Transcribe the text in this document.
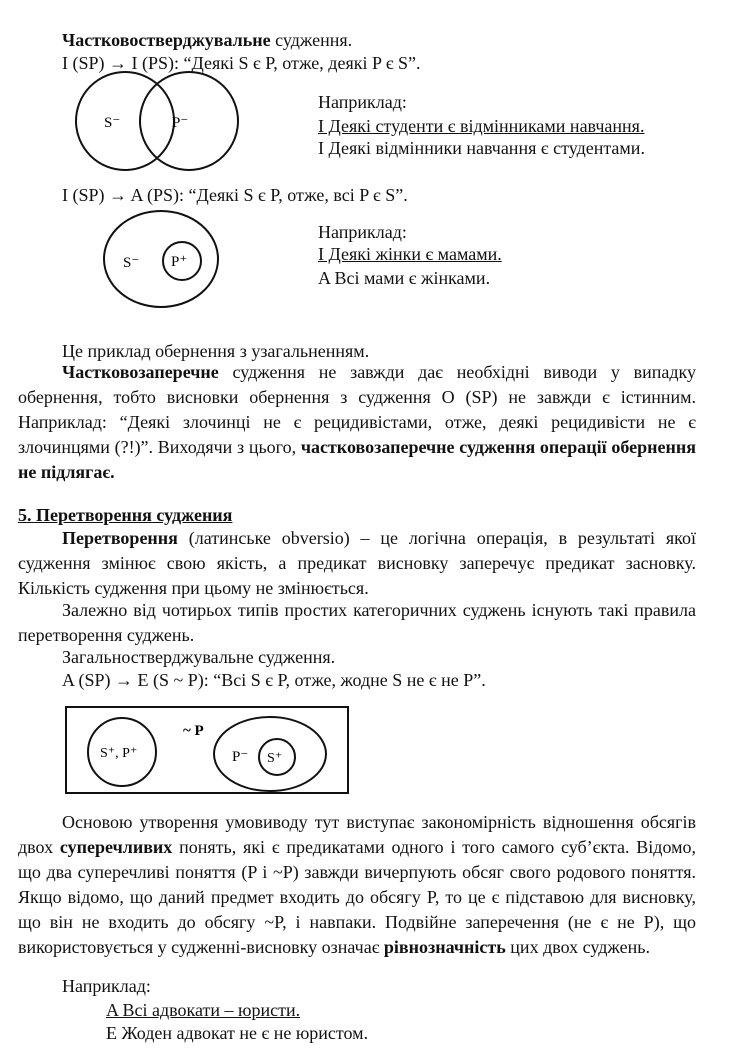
Частковостверджувальне судження.
I (SP) → I (PS): “Деякі S є P, отже, деякі P є S”.
S⁻	P⁻
S⁻ P⁺
S⁺, P⁺
~ P
P⁻ S⁺
Наприклад:
I Деякі студенти є відмінниками навчання.
I Деякі відмінники навчання є студентами.
I (SP) → A (PS): “Деякі S є P, отже, всі P є S”.
Наприклад:
I Деякі жінки є мамами.
A Всі мами є жінками.
Це приклад обернення з узагальненням.
Частковозаперечне судження не завжди дає необхідні виводи у випадку обернення, тобто висновки обернення з судження O (SP) не завжди є істинним. Наприклад: “Деякі злочинці не є рецидивістами, отже, деякі рецидивісти не є злочинцями (?!)”. Виходячи з цього, частковозаперечне судження операції обернення не підлягає.
5. Перетворення суджения
Перетворення (латинське obversio) – це логічна операція, в результаті якої судження змінює свою якість, а предикат висновку заперечує предикат засновку. Кількість судження при цьому не змінюється.
Залежно від чотирьох типів простих категоричних суджень існують такі правила перетворення суджень.
Загальностверджувальне судження.
A (SP) → E (S ~ P): “Всі S є P, отже, жодне S не є не P”.
Основою утворення умовиводу тут виступає закономірність відношення обсягів двох суперечливих понять, які є предикатами одного і того самого суб’єкта. Відомо, що два суперечливі поняття (P і ~P) завжди вичерпують обсяг свого родового поняття. Якщо відомо, що даний предмет входить до обсягу P, то це є підставою для висновку, що він не входить до обсягу ~P, і навпаки. Подвійне заперечення (не є не P), що використовується у судженні-висновку означає рівнозначність цих двох суджень.
Наприклад:
A Всі адвокати – юристи.
E Жоден адвокат не є не юристом.
